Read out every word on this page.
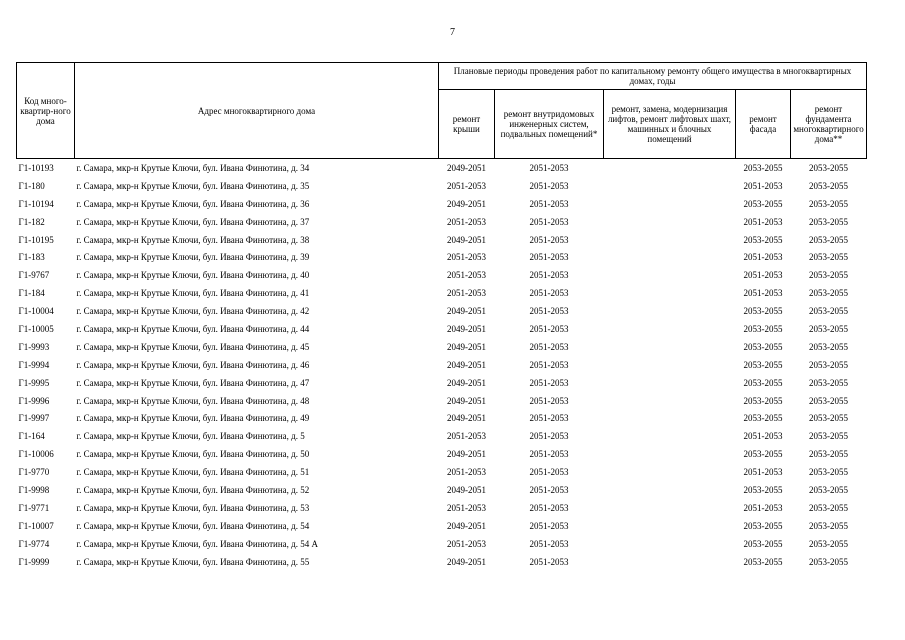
7
Код много-квартир-ного дома	Адрес многоквартирного дома	Плановые периоды проведения работ по капитальному ремонту общего имущества в многоквартирных домах, годы				
		ремонт крыши	ремонт внутридомовых инженерных систем, подвальных помещений*	ремонт, замена, модернизация лифтов, ремонт лифтовых шахт, машинных и блочных помещений	ремонт фасада	ремонт фундамента многоквартирного дома**
Г1-10193	г. Самара, мкр-н Крутые Ключи, бул. Ивана Финютина, д. 34	2049-2051	2051-2053		2053-2055	2053-2055
Г1-180	г. Самара, мкр-н Крутые Ключи, бул. Ивана Финютина, д. 35	2051-2053	2051-2053		2051-2053	2053-2055
Г1-10194	г. Самара, мкр-н Крутые Ключи, бул. Ивана Финютина, д. 36	2049-2051	2051-2053		2053-2055	2053-2055
Г1-182	г. Самара, мкр-н Крутые Ключи, бул. Ивана Финютина, д. 37	2051-2053	2051-2053		2051-2053	2053-2055
Г1-10195	г. Самара, мкр-н Крутые Ключи, бул. Ивана Финютина, д. 38	2049-2051	2051-2053		2053-2055	2053-2055
Г1-183	г. Самара, мкр-н Крутые Ключи, бул. Ивана Финютина, д. 39	2051-2053	2051-2053		2051-2053	2053-2055
Г1-9767	г. Самара, мкр-н Крутые Ключи, бул. Ивана Финютина, д. 40	2051-2053	2051-2053		2051-2053	2053-2055
Г1-184	г. Самара, мкр-н Крутые Ключи, бул. Ивана Финютина, д. 41	2051-2053	2051-2053		2051-2053	2053-2055
Г1-10004	г. Самара, мкр-н Крутые Ключи, бул. Ивана Финютина, д. 42	2049-2051	2051-2053		2053-2055	2053-2055
Г1-10005	г. Самара, мкр-н Крутые Ключи, бул. Ивана Финютина, д. 44	2049-2051	2051-2053		2053-2055	2053-2055
Г1-9993	г. Самара, мкр-н Крутые Ключи, бул. Ивана Финютина, д. 45	2049-2051	2051-2053		2053-2055	2053-2055
Г1-9994	г. Самара, мкр-н Крутые Ключи, бул. Ивана Финютина, д. 46	2049-2051	2051-2053		2053-2055	2053-2055
Г1-9995	г. Самара, мкр-н Крутые Ключи, бул. Ивана Финютина, д. 47	2049-2051	2051-2053		2053-2055	2053-2055
Г1-9996	г. Самара, мкр-н Крутые Ключи, бул. Ивана Финютина, д. 48	2049-2051	2051-2053		2053-2055	2053-2055
Г1-9997	г. Самара, мкр-н Крутые Ключи, бул. Ивана Финютина, д. 49	2049-2051	2051-2053		2053-2055	2053-2055
Г1-164	г. Самара, мкр-н Крутые Ключи, бул. Ивана Финютина, д. 5	2051-2053	2051-2053		2051-2053	2053-2055
Г1-10006	г. Самара, мкр-н Крутые Ключи, бул. Ивана Финютина, д. 50	2049-2051	2051-2053		2053-2055	2053-2055
Г1-9770	г. Самара, мкр-н Крутые Ключи, бул. Ивана Финютина, д. 51	2051-2053	2051-2053		2051-2053	2053-2055
Г1-9998	г. Самара, мкр-н Крутые Ключи, бул. Ивана Финютина, д. 52	2049-2051	2051-2053		2053-2055	2053-2055
Г1-9771	г. Самара, мкр-н Крутые Ключи, бул. Ивана Финютина, д. 53	2051-2053	2051-2053		2051-2053	2053-2055
Г1-10007	г. Самара, мкр-н Крутые Ключи, бул. Ивана Финютина, д. 54	2049-2051	2051-2053		2053-2055	2053-2055
Г1-9774	г. Самара, мкр-н Крутые Ключи, бул. Ивана Финютина, д. 54 А	2051-2053	2051-2053		2053-2055	2053-2055
Г1-9999	г. Самара, мкр-н Крутые Ключи, бул. Ивана Финютина, д. 55	2049-2051	2051-2053		2053-2055	2053-2055
